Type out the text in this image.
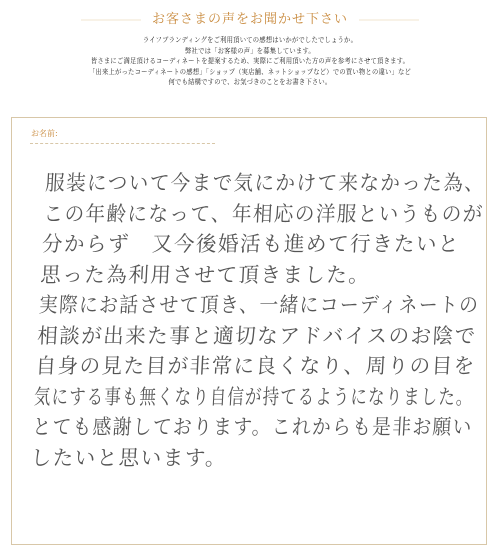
お客さまの声をお聞かせ下さい
ライフブランディングをご利用頂いての感想はいかがでしたでしょうか。
弊社では「お客様の声」を募集しています。
皆さまにご満足頂けるコーディネートを提案するため、実際にご利用頂いた方の声を参考にさせて頂きます。
「出来上がったコーディネートの感想」「ショップ（実店舗、ネットショップなど）での買い物との違い」など
何でも結構ですので、お気づきのことをお書き下さい。
お名前:
服装について今まで気にかけて来なかった為、
この年齢になって、年相応の洋服というものが
分からず　又今後婚活も進めて行きたいと
思った為利用させて頂きました。
実際にお話させて頂き、一緒にコーディネートの
相談が出来た事と適切なアドバイスのお陰で
自身の見た目が非常に良くなり、周りの目を
気にする事も無くなり自信が持てるようになりました。
とても感謝しております。これからも是非お願い
したいと思います。
